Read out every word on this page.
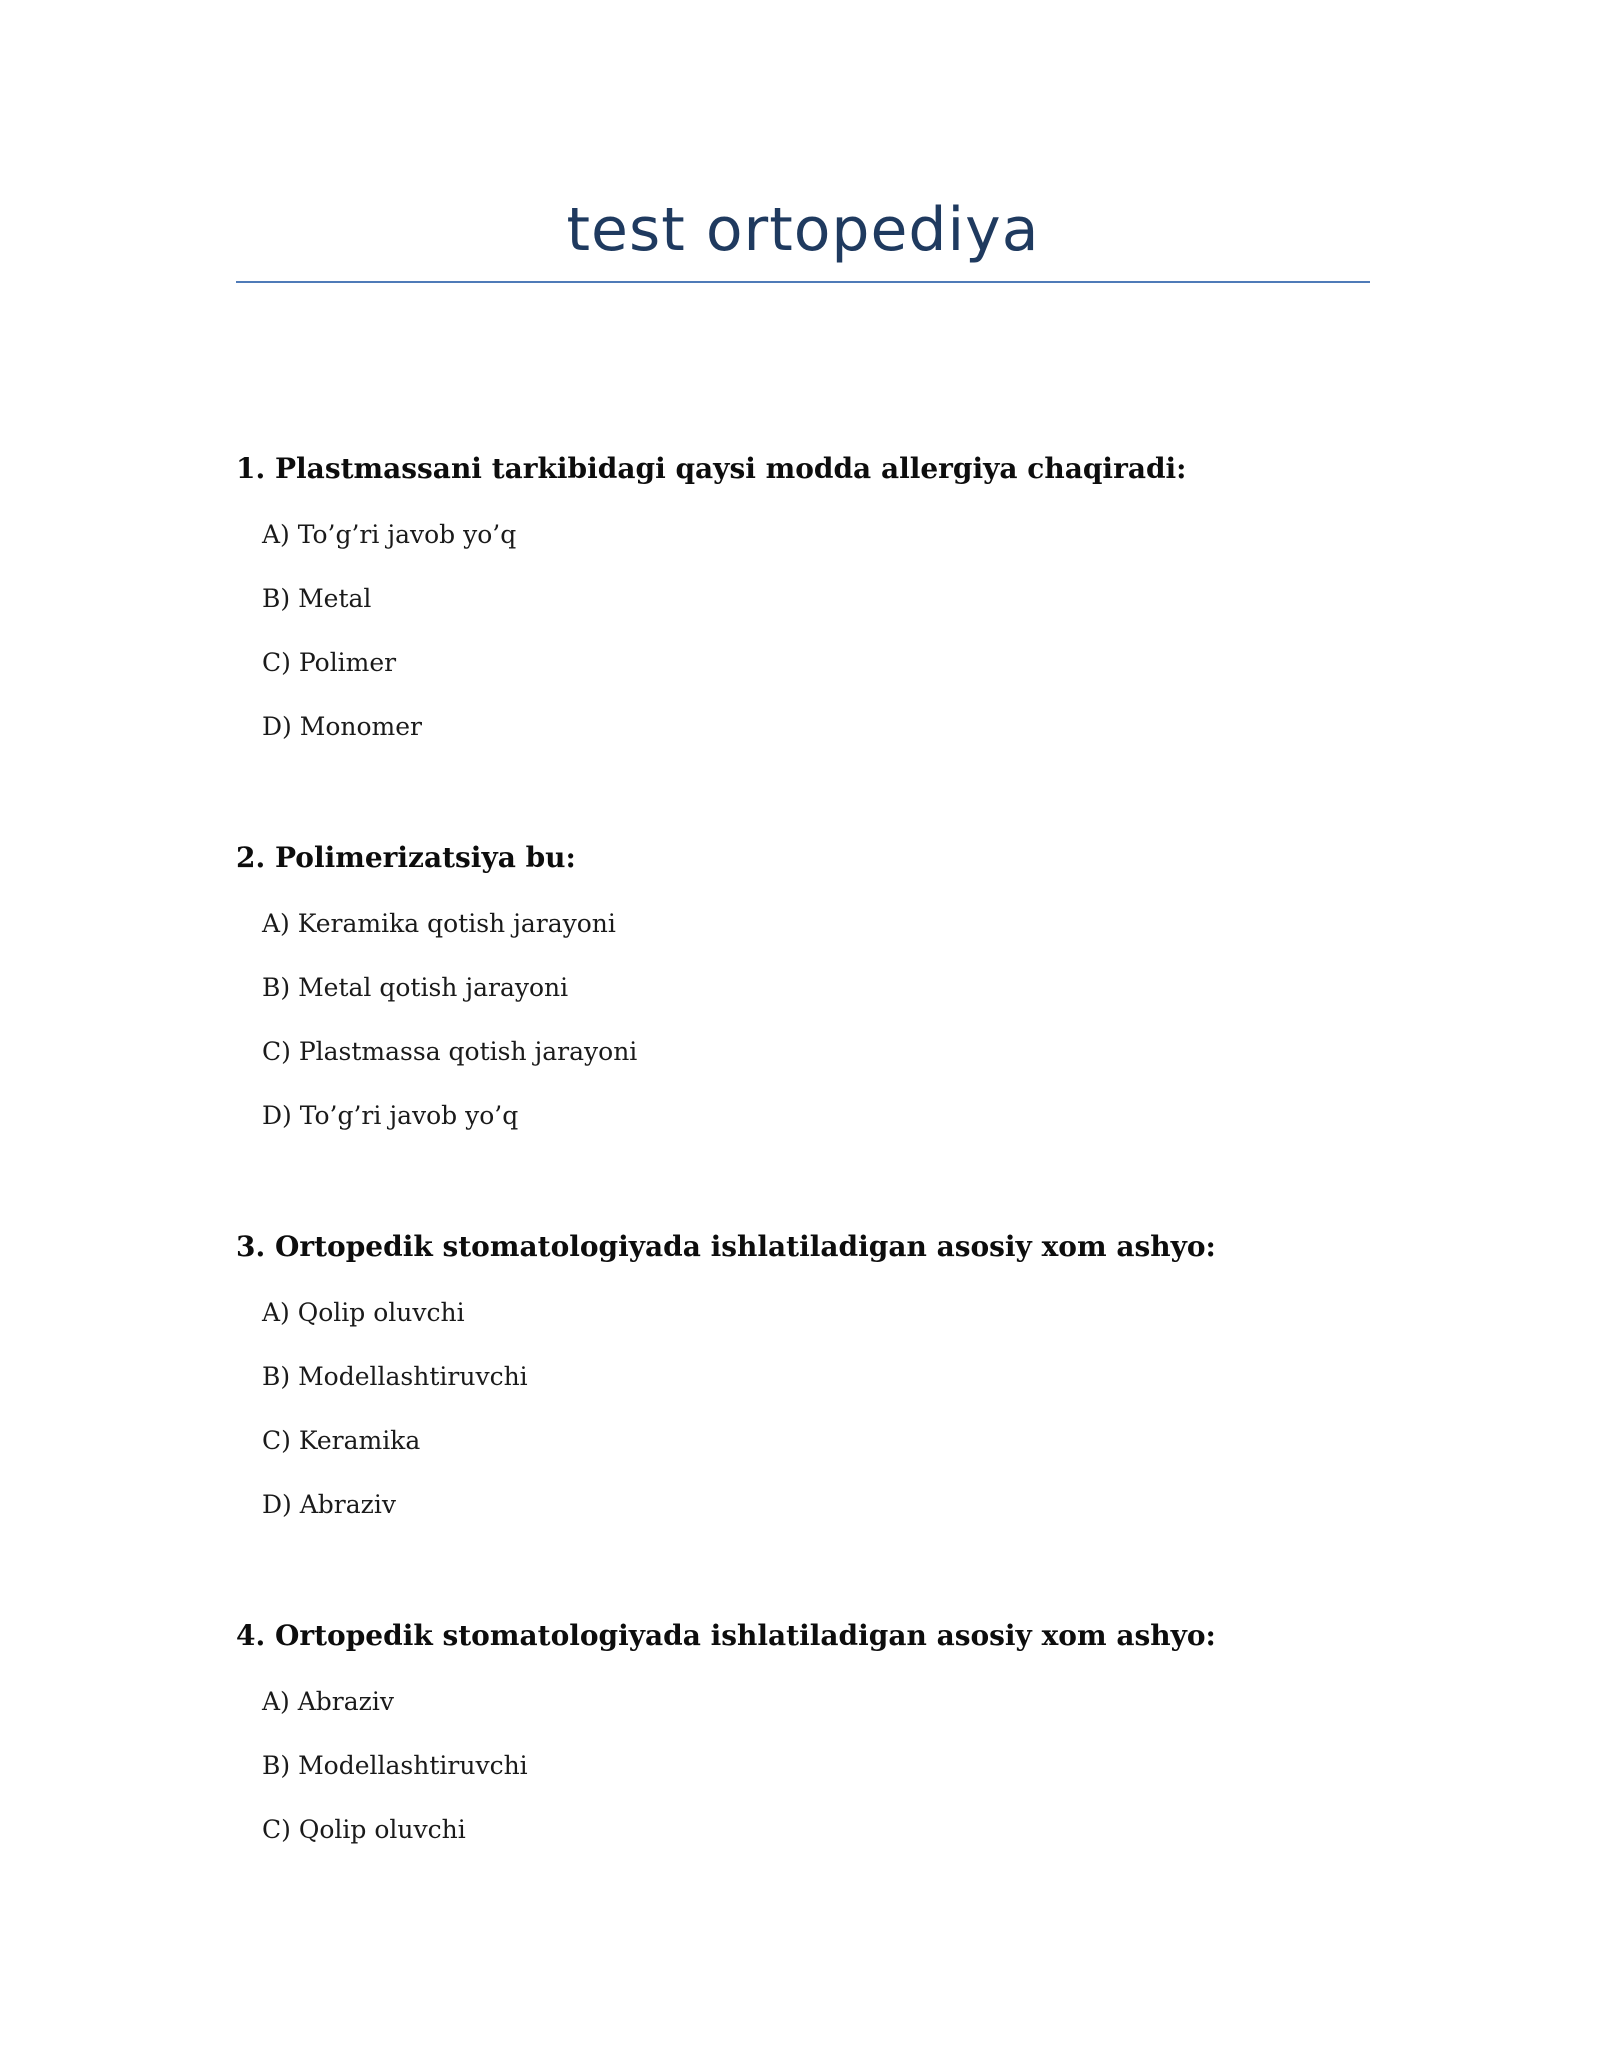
test ortopediya
1. Plastmassani tarkibidagi qaysi modda allergiya chaqiradi:
A) To’g’ri javob yo’q
B) Metal
C) Polimer
D) Monomer
2. Polimerizatsiya bu:
A) Keramika qotish jarayoni
B) Metal qotish jarayoni
C) Plastmassa qotish jarayoni
D) To’g’ri javob yo’q
3. Ortopedik stomatologiyada ishlatiladigan asosiy xom ashyo:
A) Qolip oluvchi
B) Modellashtiruvchi
C) Keramika
D) Abraziv
4. Ortopedik stomatologiyada ishlatiladigan asosiy xom ashyo:
A) Abraziv
B) Modellashtiruvchi
C) Qolip oluvchi
